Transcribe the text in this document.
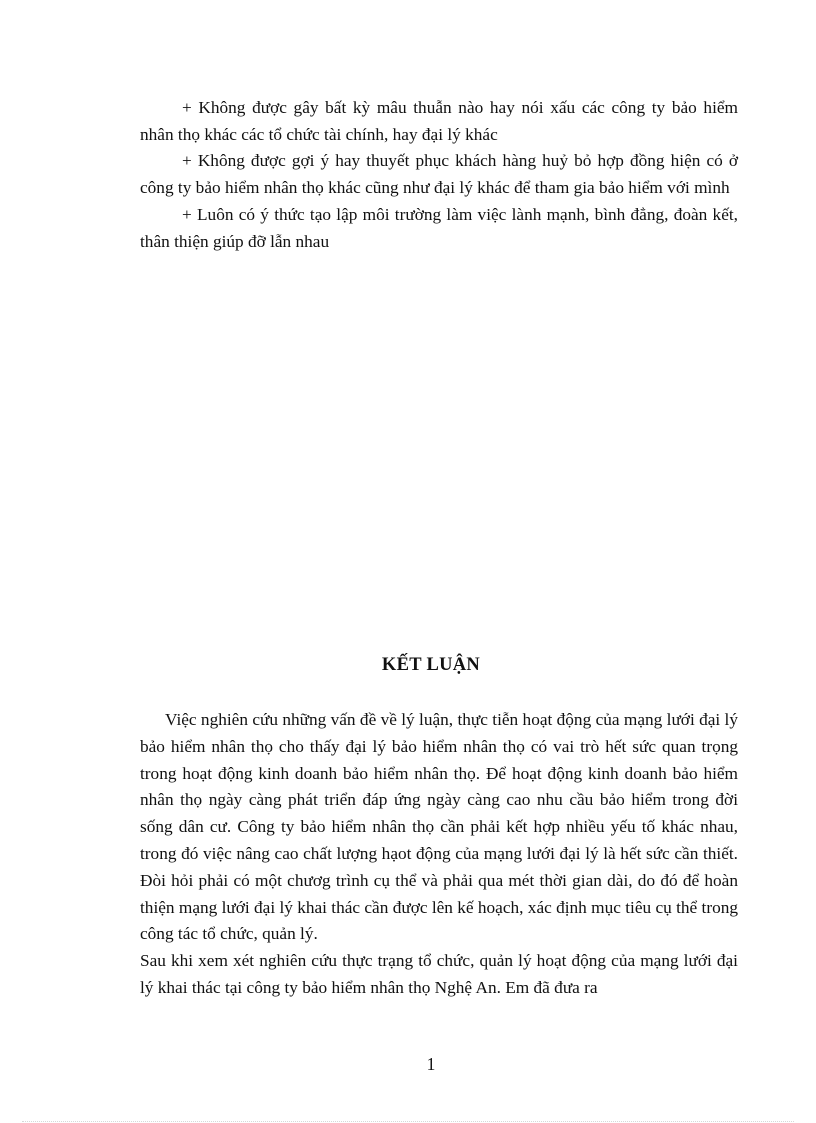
+ Không được gây bất kỳ mâu thuẫn nào hay nói xấu các công ty bảo hiểm nhân thọ khác các tổ chức tài chính, hay đại lý khác

+ Không được gợi ý hay thuyết phục khách hàng huỷ bỏ hợp đồng hiện có ở công ty bảo hiểm nhân thọ khác cũng như đại lý khác để tham gia bảo hiểm với mình

+ Luôn có ý thức tạo lập môi trường làm việc lành mạnh, bình đẳng, đoàn kết, thân thiện giúp đỡ lẫn nhau

KẾT LUẬN

Việc nghiên cứu những vấn đề về lý luận, thực tiễn hoạt động của mạng lưới đại lý bảo hiểm nhân thọ cho thấy đại lý bảo hiểm nhân thọ có vai trò hết sức quan trọng trong hoạt động kinh doanh bảo hiểm nhân thọ. Để hoạt động kinh doanh bảo hiểm nhân thọ ngày càng phát triển đáp ứng ngày càng cao nhu cầu bảo hiểm trong đời sống dân cư. Công ty bảo hiểm nhân thọ cần phải kết hợp nhiều yếu tố khác nhau, trong đó việc nâng cao chất lượng hạot động của mạng lưới đại lý là hết sức cần thiết. Đòi hỏi phải có một chươg trình cụ thể và phải qua mét thời gian dài, do đó để hoàn thiện mạng lưới đại lý khai thác cần được lên kế hoạch, xác định mục tiêu cụ thể trong công tác tổ chức, quản lý.

Sau khi xem xét nghiên cứu thực trạng tổ chức, quản lý hoạt động của mạng lưới đại lý khai thác tại công ty bảo hiểm nhân thọ Nghệ An. Em đã đưa ra

1
